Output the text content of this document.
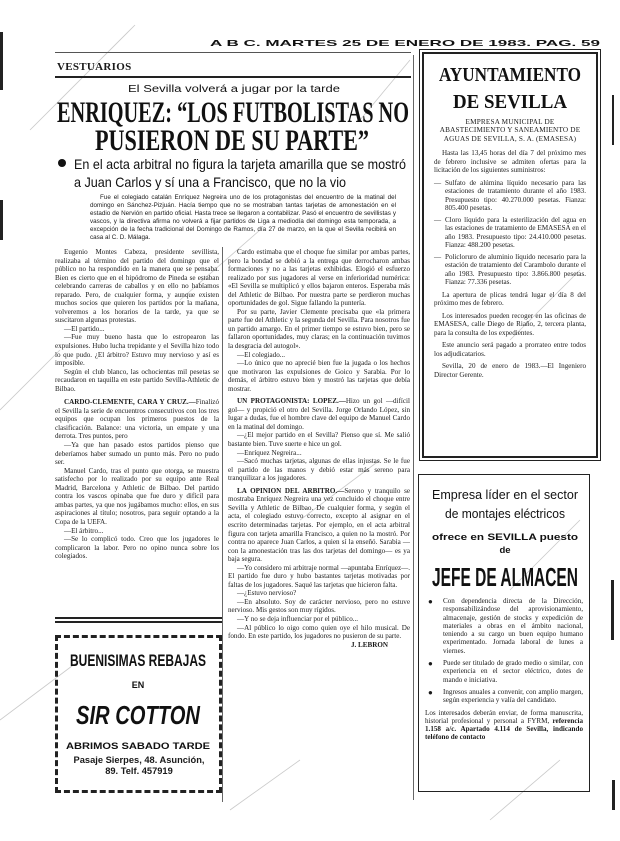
A B C. MARTES 25 DE ENERO DE 1983. PAG. 59
VESTUARIOS
El Sevilla volverá a jugar por la tarde
ENRIQUEZ: “LOS FUTBOLISTAS NO
PUSIERON DE SU PARTE”
En el acta arbitral no figura la tarjeta amarilla que se mostró
a Juan Carlos y sí una a Francisco, que no la vio
Fue el colegiado catalán Enríquez Negreira uno de los protagonistas del encuentro de la matinal del domingo en Sánchez-Pizjuán. Hacía tiempo que no se mostraban tantas tarjetas de amonestación en el estadio de Nervión en partido oficial. Hasta trece se llegaron a contabilizar. Pasó el encuentro de sevillistas y vascos, y la directiva afirma no volverá a fijar partidos de Liga a mediodía del domingo esta temporada, a excepción de la fecha tradicional del Domingo de Ramos, día 27 de marzo, en la que el Sevilla recibirá en casa al C. D. Málaga.

Eugenio Montes Cabeza, presidente sevillista, realizaba al término del partido del domingo que el público no ha respondido en la manera que se pensaba. Bien es cierto que en el hipódromo de Pineda se estaban celebrando carreras de caballos y en ello no habíamos reparado. Pero, de cualquier forma, y aunque existen muchos socios que quieren los partidos por la mañana, volveremos a los horarios de la tarde, ya que se suscitaron algunas protestas.

—El partido...

—Fue muy bueno hasta que lo estropearon las expulsiones. Hubo lucha trepidante y el Sevilla hizo todo lo que pudo. ¿El árbitro? Estuvo muy nervioso y así es imposible.

Según el club blanco, las ochocientas mil pesetas se recaudaron en taquilla en este partido Sevilla-Athletic de Bilbao.

CARDO-CLEMENTE, CARA Y CRUZ.—Finalizó el Sevilla la serie de encuentros consecutivos con los tres equipos que ocupan los primeros puestos de la clasificación. Balance: una victoria, un empate y una derrota. Tres puntos, pero

—Ya que han pasado estos partidos pienso que deberíamos haber sumado un punto más. Pero no pudo ser.

Manuel Cardo, tras el punto que otorga, se muestra satisfecho por lo realizado por su equipo ante Real Madrid, Barcelona y Athletic de Bilbao. Del partido contra los vascos opinaba que fue duro y difícil para ambas partes, ya que nos jugábamos mucho: ellos, en sus aspiraciones al título; nosotros, para seguir optando a la Copa de la UEFA.

—El árbitro...

—Se lo complicó todo. Creo que los jugadores le complicaron la labor. Pero no opino nunca sobre los colegiados.

BUENISIMAS REBAJAS
EN
SIR COTTON
ABRIMOS SABADO TARDE
Pasaje Sierpes, 48. Asunción, 89. Telf. 457919

Cardo estimaba que el choque fue similar por ambas partes, pero la bondad se debió a la entrega que derrocharon ambas formaciones y no a las tarjetas exhibidas. Elogió el esfuerzo realizado por sus jugadores al verse en inferioridad numérica: «El Sevilla se multiplicó y ellos bajaron enteros. Esperaba más del Athletic de Bilbao. Por nuestra parte se perdieron muchas oportunidades de gol. Sigue fallando la puntería.

Por su parte, Javier Clemente precisaba que «la primera parte fue del Athletic y la segunda del Sevilla. Para nosotros fue un partido amargo. En el primer tiempo se estuvo bien, pero se fallaron oportunidades, muy claras; en la continuación tuvimos la desgracia del autogol».

—El colegiado...

—Lo único que no aprecié bien fue la jugada o los hechos que motivaron las expulsiones de Goico y Sarabia. Por lo demás, el árbitro estuvo bien y mostró las tarjetas que debía mostrar.

UN PROTAGONISTA: LOPEZ.—Hizo un gol —difícil gol— y propició el otro del Sevilla. Jorge Orlando López, sin lugar a dudas, fue el hombre clave del equipo de Manuel Cardo en la matinal del domingo.

—¿El mejor partido en el Sevilla? Pienso que sí. Me salió bastante bien. Tuve suerte e hice un gol.

—Enríquez Negreira...

—Sacó muchas tarjetas, algunas de ellas injustas. Se le fue el partido de las manos y debió estar más sereno para tranquilizar a los jugadores.

LA OPINION DEL ARBITRO.—Sereno y tranquilo se mostraba Enríquez Negreira una vez concluido el choque entre Sevilla y Athletic de Bilbao. De cualquier forma, y según el acta, el colegiado estuvo correcto, excepto al asignar en el escrito determinadas tarjetas. Por ejemplo, en el acta arbitral figura con tarjeta amarilla Francisco, a quien no la mostró. Por contra no aparece Juan Carlos, a quien sí la enseñó. Sarabia —con la amonestación tras las dos tarjetas del domingo— es ya baja segura.

—Yo considero mi arbitraje normal —apuntaba Enríquez—. El partido fue duro y hubo bastantes tarjetas motivadas por faltas de los jugadores. Saqué las tarjetas que hicieron falta.

—¿Estuvo nervioso?

—En absoluto. Soy de carácter nervioso, pero no estuve nervioso. Mis gestos son muy rígidos.

—Y no se deja influenciar por el público...

—Al público lo oigo como quien oye el hilo musical. De fondo. En este partido, los jugadores no pusieron de su parte.

J. LEBRON
AYUNTAMIENTO
DE SEVILLA
EMPRESA MUNICIPAL DE ABASTECIMIENTO Y SANEAMIENTO DE AGUAS DE SEVILLA, S. A. (EMASESA)

Hasta las 13,45 horas del día 7 del próximo mes de febrero inclusive se admiten ofertas para la licitación de los siguientes suministros:

— Sulfato de alúmina líquido necesario para las estaciones de tratamiento durante el año 1983. Presupuesto tipo: 40.270.000 pesetas. Fianza: 805.400 pesetas.
— Cloro líquido para la esterilización del agua en las estaciones de tratamiento de EMASESA en el año 1983. Presupuesto tipo: 24.410.000 pesetas. Fianza: 488.200 pesetas.
— Policloruro de aluminio líquido necesario para la estación de tratamiento del Carambolo durante el año 1983. Presupuesto tipo: 3.866.800 pesetas. Fianza: 77.336 pesetas.

La apertura de plicas tendrá lugar el día 8 del próximo mes de febrero.

Los interesados pueden recoger en las oficinas de EMASESA, calle Diego de Riaño, 2, tercera planta, para la consulta de los expedientes.

Este anuncio será pagado a prorrateo entre todos los adjudicatarios.

Sevilla, 20 de enero de 1983.—El Ingeniero Director Gerente.

Empresa líder en el sector
de montajes eléctricos
ofrece en SEVILLA puesto
de
JEFE DE ALMACEN
● Con dependencia directa de la Dirección, responsabilizándose del aprovisionamiento, almacenaje, gestión de stocks y expedición de materiales a obras en el ámbito nacional, teniendo a su cargo un buen equipo humano experimentado. Jornada laboral de lunes a viernes.
● Puede ser titulado de grado medio o similar, con experiencia en el sector eléctrico, dotes de mando e iniciativa.
● Ingresos anuales a convenir, con amplio margen, según experiencia y valía del candidato.
Los interesados deberán enviar, de forma manuscrita, historial profesional y personal a FYRM, referencia 1.158 a/c. Apartado 4.114 de Sevilla, indicando teléfono de contacto
